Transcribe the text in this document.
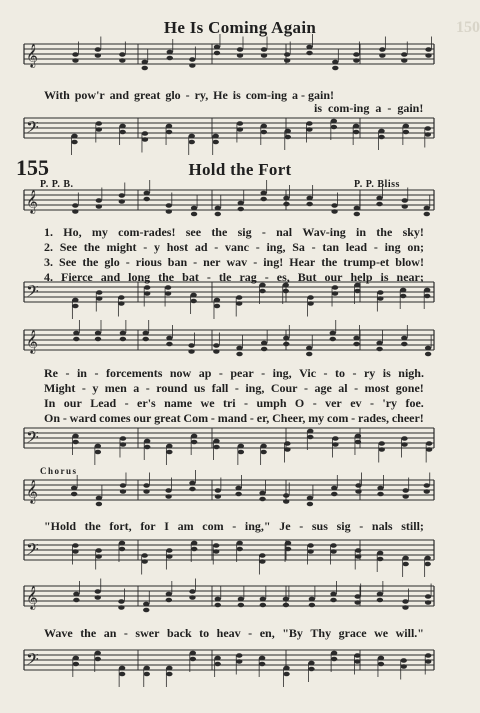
150
He Is Coming Again
𝄞
𝄢
𝄞
𝄢
𝄞
𝄢
𝄞
𝄢
𝄞
𝄢
With pow'r and great glo - ry, He is com-ing a - gain!
is com-ing a - gain!
155	Hold the Fort
P. P. B.	P. P. Bliss
1. Ho, my com-rades! see the sig - nal Wav-ing in the sky!
2. See the might - y host ad - vanc - ing, Sa - tan lead - ing on;
3. See the glo - rious ban - ner wav - ing! Hear the trump-et blow!
4. Fierce and long the bat - tle rag - es, But our help is near;
Re - in - forcements now ap - pear - ing, Vic - to - ry is nigh.
Might - y men a - round us fall - ing, Cour - age al - most gone!
In our Lead - er's name we tri - umph O - ver ev - 'ry foe.
On - ward comes our great Com - mand - er, Cheer, my com - rades, cheer!
Chorus
"Hold the fort, for I am com - ing," Je - sus sig - nals still;
Wave the an - swer back to heav - en, "By Thy grace we will."
